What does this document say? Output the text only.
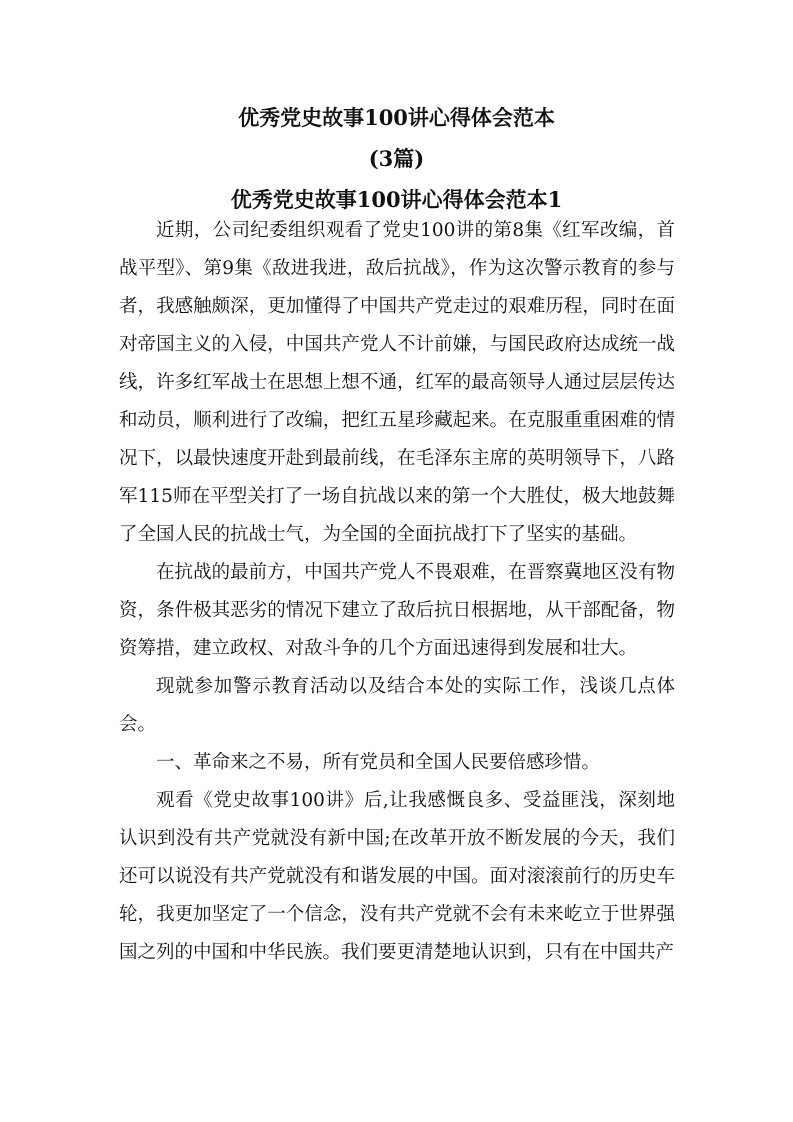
优秀党史故事100讲心得体会范本
(3篇)
优秀党史故事100讲心得体会范本1

近期，公司纪委组织观看了党史100讲的第8集《红军改编，首战平型》、第9集《敌进我进，敌后抗战》，作为这次警示教育的参与者，我感触颇深，更加懂得了中国共产党走过的艰难历程，同时在面对帝国主义的入侵，中国共产党人不计前嫌，与国民政府达成统一战线，许多红军战士在思想上想不通，红军的最高领导人通过层层传达和动员，顺利进行了改编，把红五星珍藏起来。在克服重重困难的情况下，以最快速度开赴到最前线，在毛泽东主席的英明领导下，八路军115师在平型关打了一场自抗战以来的第一个大胜仗，极大地鼓舞了全国人民的抗战士气，为全国的全面抗战打下了坚实的基础。

在抗战的最前方，中国共产党人不畏艰难，在晋察冀地区没有物资，条件极其恶劣的情况下建立了敌后抗日根据地，从干部配备，物资筹措，建立政权、对敌斗争的几个方面迅速得到发展和壮大。

现就参加警示教育活动以及结合本处的实际工作，浅谈几点体会。

一、革命来之不易，所有党员和全国人民要倍感珍惜。

观看《党史故事100讲》后,让我感慨良多、受益匪浅，深刻地认识到没有共产党就没有新中国;在改革开放不断发展的今天，我们还可以说没有共产党就没有和谐发展的中国。面对滚滚前行的历史车轮，我更加坚定了一个信念，没有共产党就不会有未来屹立于世界强国之列的中国和中华民族。我们要更清楚地认识到，只有在中国共产
